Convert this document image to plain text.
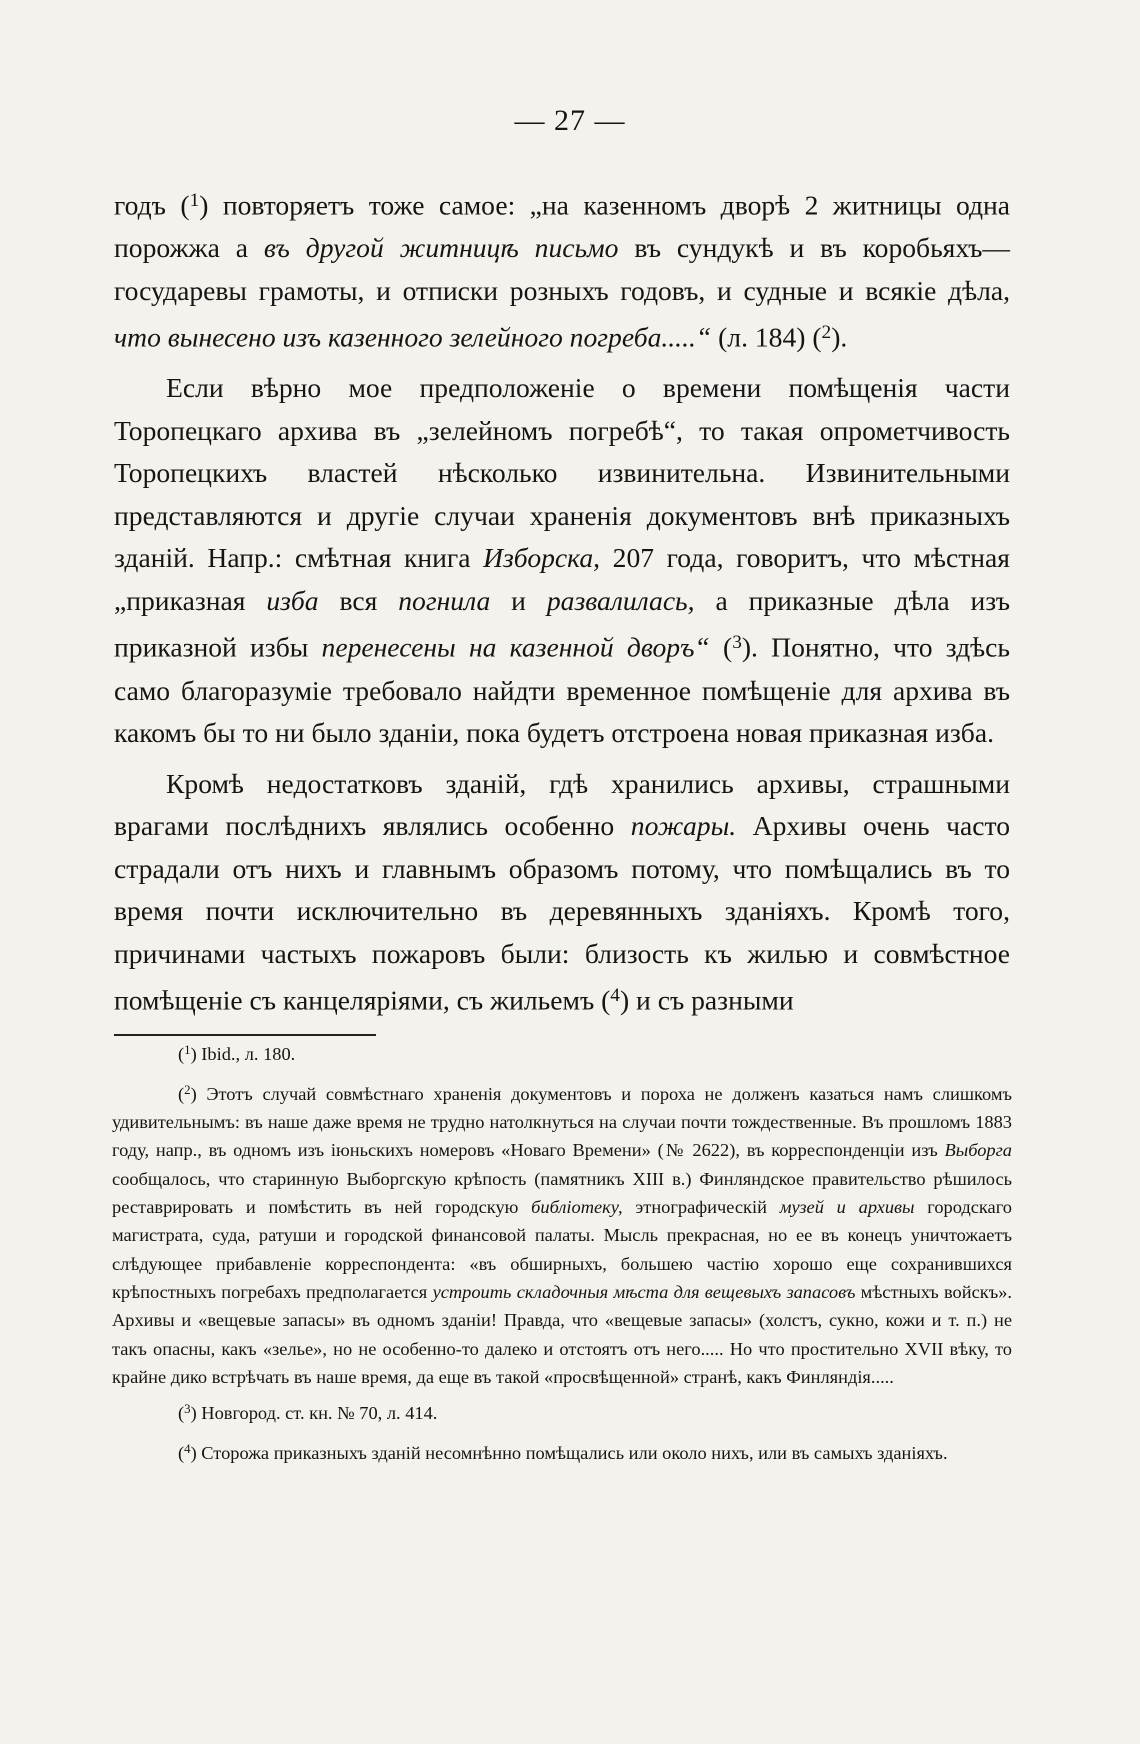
— 27 —

годъ ($^1$) повторяетъ тоже самое: „на казенномъ дворѣ 2 житницы одна порожжа а въ другой житницѣ письмо въ сундукѣ и въ коробьяхъ—государевы грамоты, и отписки розныхъ годовъ, и судные и всякіе дѣла, что вынесено изъ казенного зелейного погреба.....“ (л. 184) ($^2$).

Если вѣрно мое предположеніе о времени помѣщенія части Торопецкаго архива въ „зелейномъ погребѣ“, то такая опрометчивость Торопецкихъ властей нѣсколько извинительна. Извинительными представляются и другіе случаи храненія документовъ внѣ приказныхъ зданій. Напр.: смѣтная книга Изборска, 207 года, говоритъ, что мѣстная „приказная изба вся погнила и развалилась, а приказные дѣла изъ приказной избы перенесены на казенной дворъ“ ($^3$). Понятно, что здѣсь само благоразуміе требовало найдти временное помѣщеніе для архива въ какомъ бы то ни было зданіи, пока будетъ отстроена новая приказная изба.

Кромѣ недостатковъ зданій, гдѣ хранились архивы, страшными врагами послѣднихъ являлись особенно пожары. Архивы очень часто страдали отъ нихъ и главнымъ образомъ потому, что помѣщались въ то время почти исключительно въ деревянныхъ зданіяхъ. Кромѣ того, причинами частыхъ пожаровъ были: близость къ жилью и совмѣстное помѣщеніе съ канцеляріями, съ жильемъ ($^4$) и съ разными

($^1$) Ibid., л. 180.

($^2$) Этотъ случай совмѣстнаго храненія документовъ и пороха не долженъ казаться намъ слишкомъ удивительнымъ: въ наше даже время не трудно натолкнуться на случаи почти тождественные. Въ прошломъ 1883 году, напр., въ одномъ изъ іюньскихъ номеровъ «Новаго Времени» (№ 2622), въ корреспонденціи изъ Выборга сообщалось, что старинную Выборгскую крѣпость (памятникъ XIII в.) Финляндское правительство рѣшилось реставрировать и помѣстить въ ней городскую библіотеку, этнографическій музей и архивы городскаго магистрата, суда, ратуши и городской финансовой палаты. Мысль прекрасная, но ее въ конецъ уничтожаетъ слѣдующее прибавленіе корреспондента: «въ обширныхъ, большею частію хорошо еще сохранившихся крѣпостныхъ погребахъ предполагается устроить складочныя мѣста для вещевыхъ запасовъ мѣстныхъ войскъ». Архивы и «вещевые запасы» въ одномъ зданіи! Правда, что «вещевые запасы» (холстъ, сукно, кожи и т. п.) не такъ опасны, какъ «зелье», но не особенно-то далеко и отстоятъ отъ него..... Но что простительно XVII вѣку, то крайне дико встрѣчать въ наше время, да еще въ такой «просвѣщенной» странѣ, какъ Финляндія.....

($^3$) Новгород. ст. кн. № 70, л. 414.

($^4$) Сторожа приказныхъ зданій несомнѣнно помѣщались или около нихъ, или въ самыхъ зданіяхъ.
